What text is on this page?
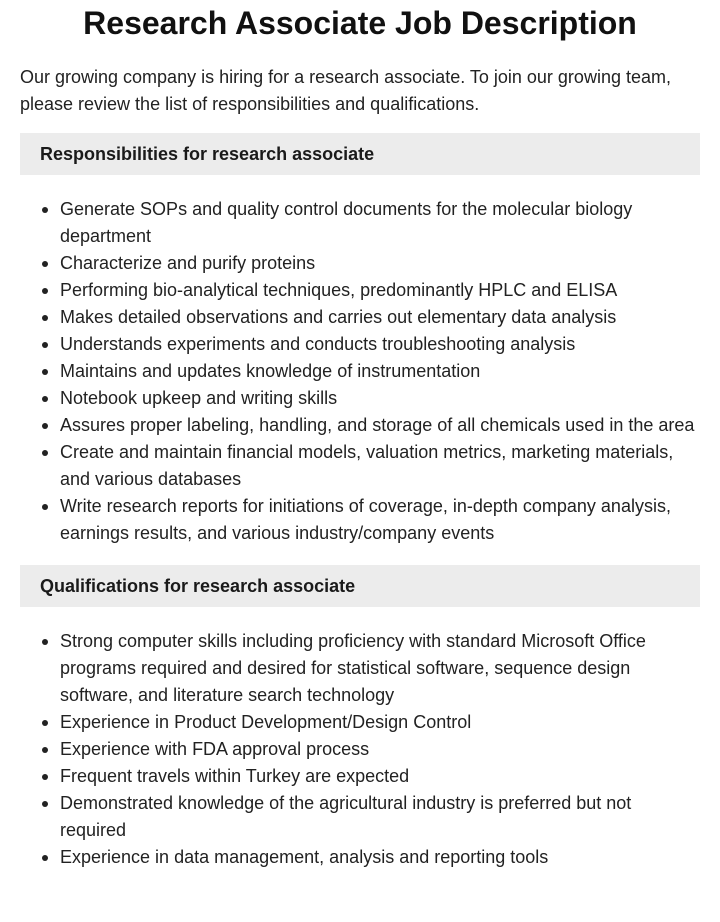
Research Associate Job Description

Our growing company is hiring for a research associate. To join our growing team, please review the list of responsibilities and qualifications.

Responsibilities for research associate
Generate SOPs and quality control documents for the molecular biology department
Characterize and purify proteins
Performing bio-analytical techniques, predominantly HPLC and ELISA
Makes detailed observations and carries out elementary data analysis
Understands experiments and conducts troubleshooting analysis
Maintains and updates knowledge of instrumentation
Notebook upkeep and writing skills
Assures proper labeling, handling, and storage of all chemicals used in the area
Create and maintain financial models, valuation metrics, marketing materials, and various databases
Write research reports for initiations of coverage, in-depth company analysis, earnings results, and various industry/company events
Qualifications for research associate
Strong computer skills including proficiency with standard Microsoft Office programs required and desired for statistical software, sequence design software, and literature search technology
Experience in Product Development/Design Control
Experience with FDA approval process
Frequent travels within Turkey are expected
Demonstrated knowledge of the agricultural industry is preferred but not required
Experience in data management, analysis and reporting tools
